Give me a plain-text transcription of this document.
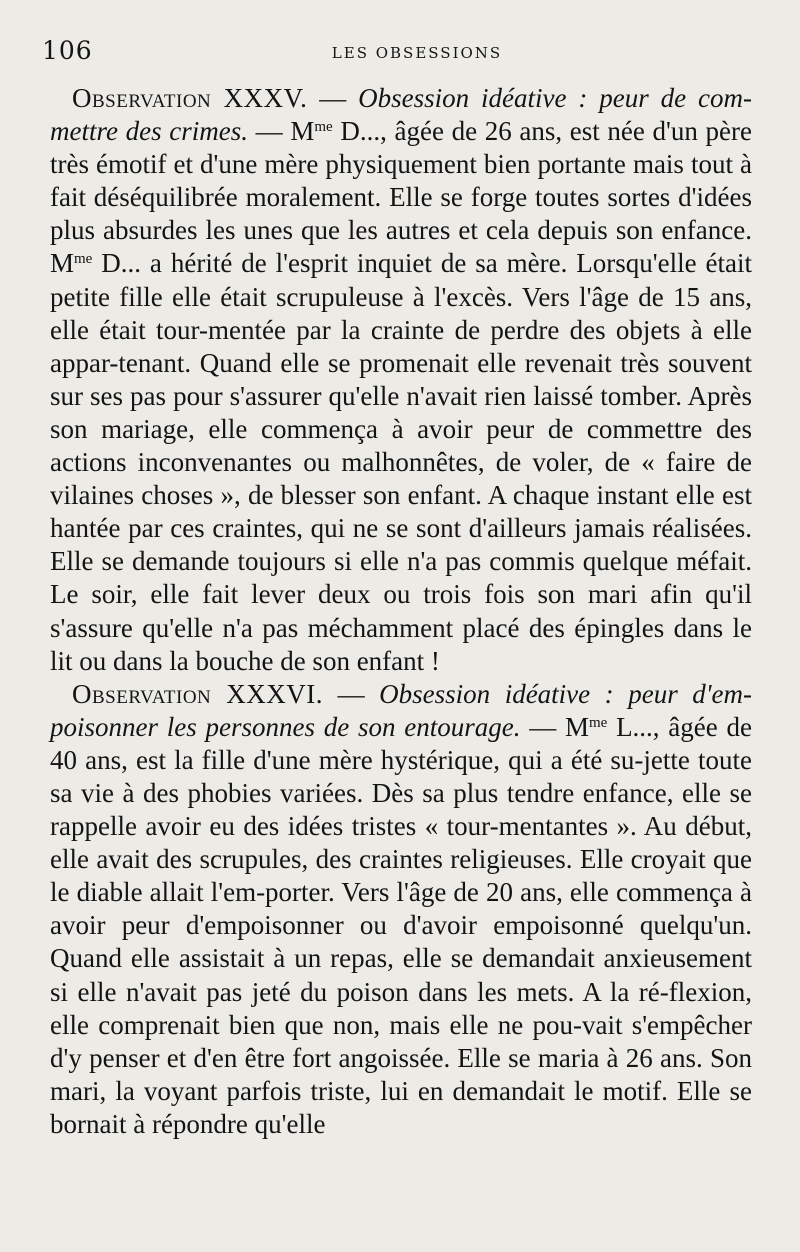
106	LES OBSESSIONS

Observation XXXV. — Obsession idéative : peur de com-mettre des crimes. — $M^{me}$ D..., âgée de 26 ans, est née d'un père très émotif et d'une mère physiquement bien portante mais tout à fait déséquilibrée moralement. Elle se forge toutes sortes d'idées plus absurdes les unes que les autres et cela depuis son enfance. $M^{me}$ D... a hérité de l'esprit inquiet de sa mère. Lorsqu'elle était petite fille elle était scrupuleuse à l'excès. Vers l'âge de 15 ans, elle était tour-mentée par la crainte de perdre des objets à elle appar-tenant. Quand elle se promenait elle revenait très souvent sur ses pas pour s'assurer qu'elle n'avait rien laissé tomber. Après son mariage, elle commença à avoir peur de commettre des actions inconvenantes ou malhonnêtes, de voler, de « faire de vilaines choses », de blesser son enfant. A chaque instant elle est hantée par ces craintes, qui ne se sont d'ailleurs jamais réalisées. Elle se demande toujours si elle n'a pas commis quelque méfait. Le soir, elle fait lever deux ou trois fois son mari afin qu'il s'assure qu'elle n'a pas méchamment placé des épingles dans le lit ou dans la bouche de son enfant !

Observation XXXVI. — Obsession idéative : peur d'em-poisonner les personnes de son entourage. — $M^{me}$ L..., âgée de 40 ans, est la fille d'une mère hystérique, qui a été su-jette toute sa vie à des phobies variées. Dès sa plus tendre enfance, elle se rappelle avoir eu des idées tristes « tour-mentantes ». Au début, elle avait des scrupules, des craintes religieuses. Elle croyait que le diable allait l'em-porter. Vers l'âge de 20 ans, elle commença à avoir peur d'empoisonner ou d'avoir empoisonné quelqu'un. Quand elle assistait à un repas, elle se demandait anxieusement si elle n'avait pas jeté du poison dans les mets. A la ré-flexion, elle comprenait bien que non, mais elle ne pou-vait s'empêcher d'y penser et d'en être fort angoissée. Elle se maria à 26 ans. Son mari, la voyant parfois triste, lui en demandait le motif. Elle se bornait à répondre qu'elle
